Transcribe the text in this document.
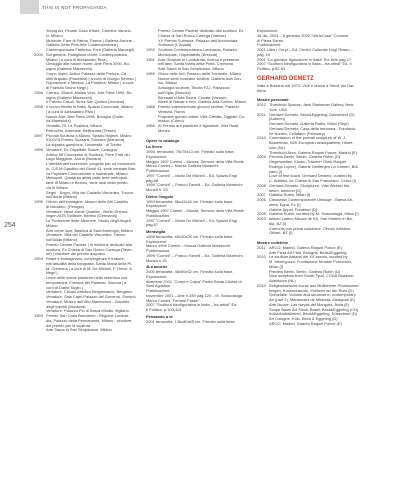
THIS IS NOT PROPAGANDA
254
Young Art, Finarte Casa d'Aste, Carmine Vanvuc-
ci, Milano
Museum: Fare di Palma, Parma | Galleria Arnone –
Galleria Della Pina Arte Contemporanea |
Contemporanea Fabbrica, Forti (Galleria Marcegli)
2000 Sul generis, Padiglione d'Arte Contemporanea,
Milano | a cura di Alessandro Riva |
Omaggio alle nature morte, Arte Fiera 2000, Bo-
logna (Galleria Marescchi)
Corpo libero, Antico Palazzo della Pretura, Ca-
stell'Arquato (Piacenza) | a cura di Giorgio Seveso |
Figurazione e Mimica, La Postiera, Milano | a cura
di Fabrizio Bruno Negri |
1999 Corneo, Gilardi, Mulasi Vero, Arte Fiera 1999, Bo-
logna (Galleria Marescchi)
Il Premio Casoli, Serra San Quirico (Ancona)
1998 Il nuovo ritratto in Italia, Spazio Comunale, Milano
| a cura di Alessandro Riva |
Nuove Arte, Arte Fiera 1998, Bologna (Galle-
ria Marescchi)
Ventotto 20, La Postiera, Milano
Retrovirtu, Artemide, Bellinzona (Tessin)
1997 Piccola Scultura a Milano, Spazio Hajech, Milano
XXXVIII Premio Suzzara, Suzzara (Mantova)
La squarta questione, Università · di Trento
1996 Venature, Ex Ospedale Soave, Codogno
Artelor 96 Conorsese di Scultura, Fiere Ente del
Lago Maggiore, Arona (Novara)
L'identità dell'eccezione: progetto per un monumen-
to, C.S.M.Giardino dei Giusti 41, sede centrale Ban-
ca Popolare Commerciale e Industriale, Milano
Metropoli. Quaranta artisti dalle aree metropoli-
tane di Milano e Berlino, varie sedi della provin-
cia di Milano
Segni - Sogni, Villa del Castello Visconteo, Trezzo
sull'Adda (Milano)
1995 Ottovo dell'immagine, Museo delle Arti Castello
di Noclaino, (Perugia)
Venature, Neue Kunst Quartier - Berlin Dhema-
lingen AGS Gelände, Berlino (Germania)
Le Proiezione delle Memorie, Studio degli Angeli,
Milano
Arte come luce, Basilica di Sant'Ambrogio, Milano
Venature, Villa del Castello Visconteo, Trezzo
sull'Adda (Milano)
Premio Cesare Pavese | III edizione dedicato alla
scultura, Ex Chiesa di San Rocco Carrega (Taver-
ne) | vincitore del premio acquisto
1994 Reale e immaginario, convergenza e fratture
nell'attualità della fotografia, Santa Maria della Pi-
tà, Cremona | a cura di M. De Micheli, F. Renzi, A.
Negri |
Linee delle scene plastiche nella ceramica con-
temporanea, Fornace del Palamar, Savona | a
cura di Dante Taglio |
Venature, Circolo Artistico Bergamasco, Bergamo
Venature, Sala Capri Palazzo del Governo, Sondrio
Venature, Museo dell'Alto Mantovano - Gazoldo
degli Ippoliti (Mantova)
Venature, Palazzo Pio di Barca d'Italia, Vigliano
1993 Premio San Carlo Borromeo - Regione Lombar-
dia, Palazzo della Permanente, Milano · vincitore
del premio per la scultura
Arte Sacra in San Simpliciano, Milano
Premio Cesare Pavese dedicato alla scultura, Ex
Chiesa di San Rocco,Carrega (Varese)
XX Premio Sulmona, Palazzo dell'Annunziata,
Sulmona (L'Aquila)
1992 Scultura Contemporanea Lombarda, Palazzo
Municipale, Ospedaletto (Brescia)
1991 Arte Giovane in Lombardia, ricerca e presenze
nell'arte, Santa Maria della Pietà, Cremona
Arte Sacra in San Simpliciano, Milano
1989 Gioco delle Arti, Palazzo della Triennale, Milano
Nuove serie nostrane scultori, Galleria Ada Zun-
ino, Milano
Antologia scultore, Studio F22, Palazzolo
sull'Oglio (Brescia)
Biennale d'Arte Sacra, Cesate (Varese)
Alberi di Natale e non, Galleria Ada Zunino, Milano
1988 Premio internazionale giovani scultori, Palazzo
Venezia, Roma
Proposte giovani artisti, Villa Camilla, Oggiate Co-
masco (Como)
1986 Al Premio arti plastiche e figurative, Villa Reali,
Monza
Opere in catalogo
La Serra
1994, terracotta, 75x75x13 cm. Firmato sulla base.
Esposizioni:
Maggio 1997 Comini – Monza, Serrone della Villa Reale
Marzo Comini – Monza Galleria Manerchi
Pubblicazioni:
1997 "Comini" – Mario De Micheli – Ed. Spazio Engi
pag.68
1999 "Comini" – Franco Fanelli – Ed. Galleria Manerchi
Monza n. 29
Dietro l'angolo
1994 terracotta, 96x42x16 cm. Firmato sulla base.
Esposizioni:
Maggio 1997 Comini – Monza, Serrone della Villa Reale
Pubblicazioni:
1997 "Comini" – Mario De Micheli – Ed. Spazio Engi
pag.67
Meraviglia
1998 terracotta, 66x30x25 cm. Firmato sulla base.
Esposizioni:
Marzo 1999 Comini – Monza Galleria Marescchi
Pubblicazioni:
1999 "Comini" – Franco Fanelli – Ed. Galleria Manerchi
Monza n.25
4La amiche
2000 terracotta, 48x60x32 cm. Firmato sulla base.
Esposizioni:
dicembre 2001 "Corpo e Colpa" Pietra Santa Chiesa di
Sant'Agostino
Pubblicazioni:
novembre 2001 – Arte n.339 pag.120 – M. Sciaccaluga
Marco Comini "Femme Fatale"
2007 "Scultura Neofigurativa in Italia – tra artisti" Ed.
Il Politico, p.100-101
Pensando a te
2001 terracotta, 136x80x65 cm. Firmato sulla base.
Esposizioni:
16 dic. 2001 – 6 gennaio 2002 "Ultra/Cose" Comune
di Pietra Santa
Pubblicazioni:
2001 Ultra | Corpi – Ed. Centro Culturale Luigi Russo –
pag. 19
2001 "La giovane figurazione in Italia" Ed. Arte pag.17
2007 "Scultura Neofigurativa in Italia – tra artisti" Ed. Il
Politico, p.82-83
GERHARD DEMETZ
Nato a Bolzano nel 1972. Vive e lavora a Selva Val Gar-
dena.
Mostre personali
2012 Threshold Spaces, Jack Shainman Gallery, New
York, USA
2011 Gerhard Demetz, Beck&Eggeling, Düsseldorf (D)
[Autumn]
Gerhard Demetz, Galleria Rubin, Milan (Sept)
Gerhard Demetz, Casa della memoria - Fondazio-
ne Nordici, Cellatano (February)
2010 Commission of the portrait sculpture of W. J.
Bowerman, IWK European headquarters, Hilver-
sum (NL)
Threshold Area, Galeria Raquel Ponce, Madrid (E)
2009 Preview Berlin, Berlin, Galleria Rubin (D)
Gegenwelten: Kinder-Träume* Gleih Raquel
Rodrigo Lopez), Galerie Geifiergen La Gomeri, Bol-
zano (I)
Love at first touch. Gerhard Demetz, curated by
C. Arbitino, ex Chiesa di San Francesco, Como (I)
2008 Gerhard Demetz. Skulpturen, Villa Wessel Mu-
seum, Iserlohn (D)
2007 Galleria Rubin, Milan (I)
2006 Cleonasta Contemporanée Ulmulge - Baesa Ab-
sena, Egna, Ez (I)
Galerie Appel, Frankfurt (D)
2005 Galleria Rubin, curated by M. Sciaccaluga, Milan (I)
2003 Istituto Ladino Micurà de Rü, San Martino in Ba-
dia, BZ (I)
Comunis con prima colazione, Circolo Artistico,
Ortisei, BZ (I)
Mostre collettive
2011 ARCO, Madrid, Galería Raquel Ponce (E)
Arte Fiera Art First, Bologna, Beck&Eggeling
2010 Le sculture italiane del XX secolo, curated by
M. Meneguzzo, Fondazione Arnaldo Pomodoro,
Milan (I)
Preview Berlin, Berlin, Galleria Rubin (D)
Nine sculptors from South Tyrol, CODA Museum,
Apeldoorn (NL)
2010 Zeitgenössische Kunst aus Müllheimer Privatsamm-
lungen, Kunstmuseum, Mülheim an der Ruhr (D)
Grenzfälle: Volume and structure in contemporary
Art (part 2), Mariarosini de Miranda, Zaragoza (E)
Arte Nuove, Las Navas del Marqués, Ávila (E)
Scope Basel Art Show, Basel, Beck&Eggeling (CH)
Individualität/mind, Beck&Eggeling, Düsseldorf (D)
Art Cologne, Köln, Beck & Eggeling (D)
ARCO, Madrid, Galería Raquel Ponce (E)
